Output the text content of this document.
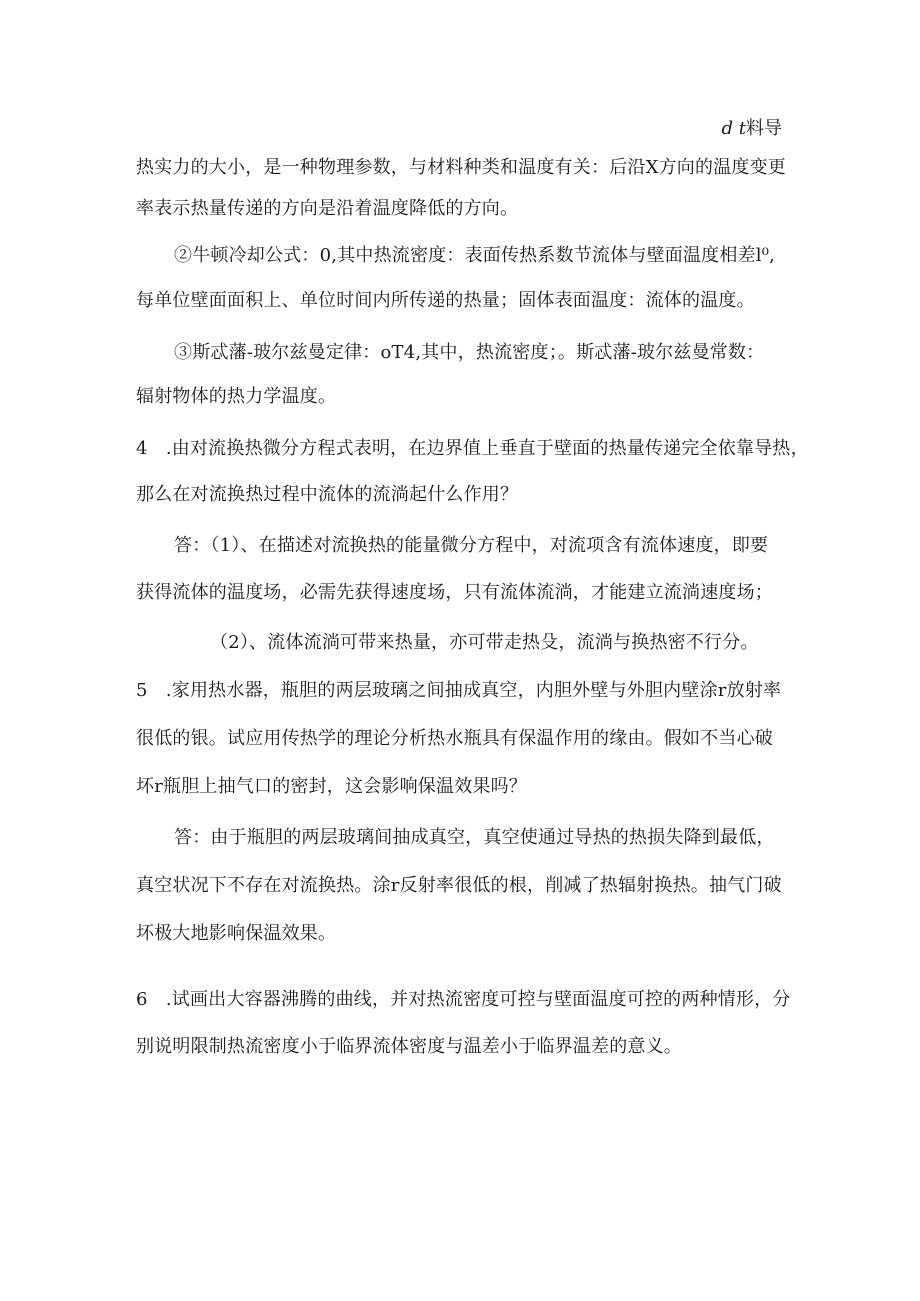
d t料导
热实力的大小，是一种物理参数，与材料种类和温度有关：后沿X方向的温度变更
率表示热量传递的方向是沿着温度降低的方向。
②牛顿冷却公式：0,其中热流密度：表面传热系数节流体与壁面温度相差l⁰,
每单位壁面面积上、单位时间内所传递的热量；固体表面温度：流体的温度。
③斯忒藩-玻尔兹曼定律：oT4,其中，热流密度；。斯忒藩-玻尔兹曼常数：
辐射物体的热力学温度。
4　.由对流换热微分方程式表明，在边界值上垂直于壁面的热量传递完全依靠导热，
那么在对流换热过程中流体的流淌起什么作用？
答：（1）、在描述对流换热的能量微分方程中，对流项含有流体速度，即要
获得流体的温度场，必需先获得速度场，只有流体流淌，才能建立流淌速度场；
（2）、流体流淌可带来热量，亦可带走热殳，流淌与换热密不行分。
5　.家用热水器，瓶胆的两层玻璃之间抽成真空，内胆外壁与外胆内壁涂r放射率
很低的银。试应用传热学的理论分析热水瓶具有保温作用的缘由。假如不当心破
坏r瓶胆上抽气口的密封，这会影响保温效果吗？
答：由于瓶胆的两层玻璃间抽成真空，真空使通过导热的热损失降到最低，
真空状况下不存在对流换热。涂r反射率很低的根，削减了热辐射换热。抽气门破
坏极大地影响保温效果。
6　.试画出大容器沸腾的曲线，并对热流密度可控与壁面温度可控的两种情形，分
别说明限制热流密度小于临界流体密度与温差小于临界温差的意义。
